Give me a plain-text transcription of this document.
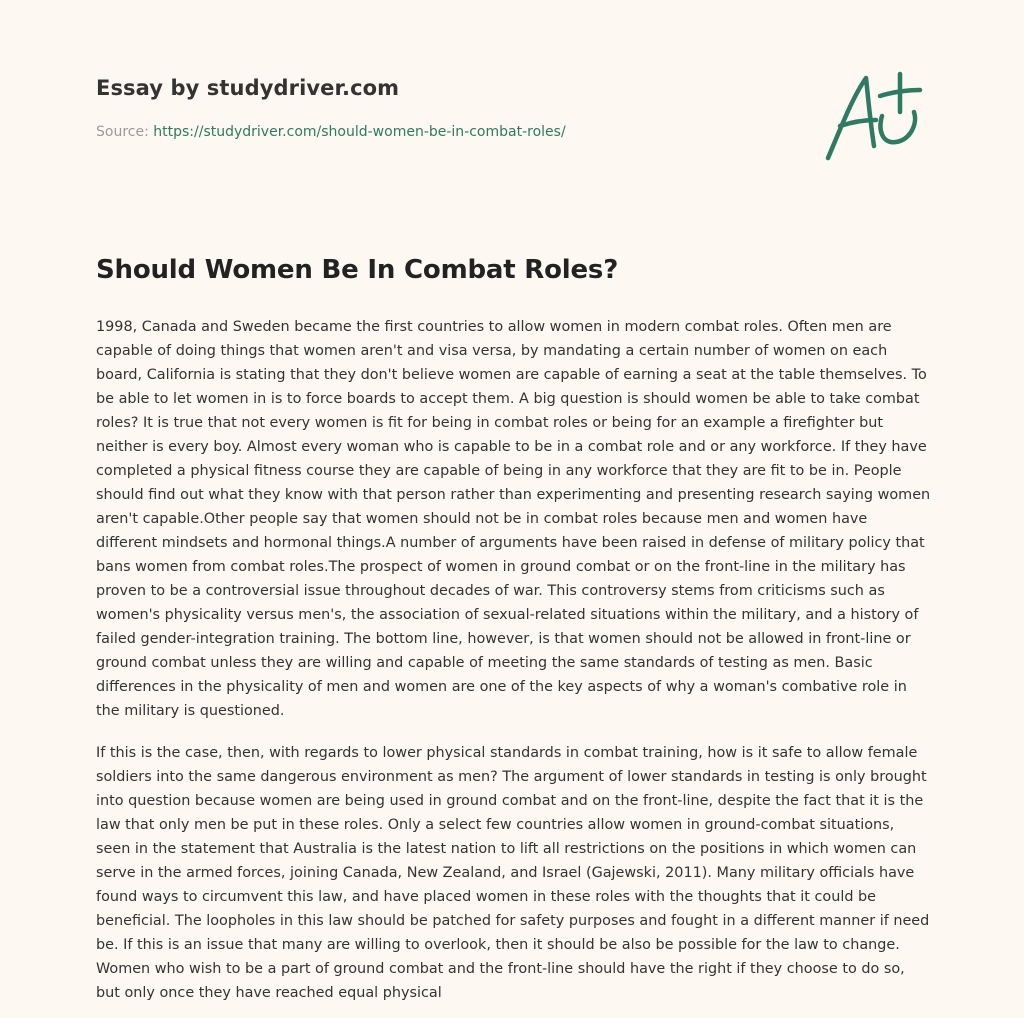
Essay by studydriver.com
Source: https://studydriver.com/should-women-be-in-combat-roles/
Should Women Be In Combat Roles?

1998, Canada and Sweden became the first countries to allow women in modern combat roles. Often men are capable of doing things that women aren't and visa versa, by mandating a certain number of women on each board, California is stating that they don't believe women are capable of earning a seat at the table themselves. To be able to let women in is to force boards to accept them. A big question is should women be able to take combat roles? It is true that not every women is fit for being in combat roles or being for an example a firefighter but neither is every boy. Almost every woman who is capable to be in a combat role and or any workforce. If they have completed a physical fitness course they are capable of being in any workforce that they are fit to be in. People should find out what they know with that person rather than experimenting and presenting research saying women aren't capable.Other people say that women should not be in combat roles because men and women have different mindsets and hormonal things.A number of arguments have been raised in defense of military policy that bans women from combat roles.The prospect of women in ground combat or on the front-line in the military has proven to be a controversial issue throughout decades of war. This controversy stems from criticisms such as women's physicality versus men's, the association of sexual-related situations within the military, and a history of failed gender-integration training. The bottom line, however, is that women should not be allowed in front-line or ground combat unless they are willing and capable of meeting the same standards of testing as men. Basic differences in the physicality of men and women are one of the key aspects of why a woman's combative role in the military is questioned.

If this is the case, then, with regards to lower physical standards in combat training, how is it safe to allow female soldiers into the same dangerous environment as men? The argument of lower standards in testing is only brought into question because women are being used in ground combat and on the front-line, despite the fact that it is the law that only men be put in these roles. Only a select few countries allow women in ground-combat situations, seen in the statement that Australia is the latest nation to lift all restrictions on the positions in which women can serve in the armed forces, joining Canada, New Zealand, and Israel (Gajewski, 2011). Many military officials have found ways to circumvent this law, and have placed women in these roles with the thoughts that it could be beneficial. The loopholes in this law should be patched for safety purposes and fought in a different manner if need be. If this is an issue that many are willing to overlook, then it should be also be possible for the law to change. Women who wish to be a part of ground combat and the front-line should have the right if they choose to do so, but only once they have reached equal physical
